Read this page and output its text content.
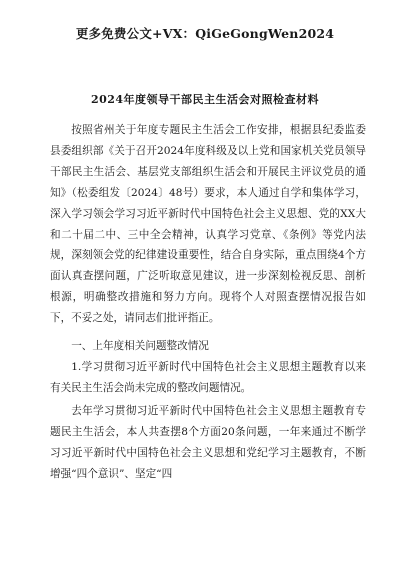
更多免费公文+VX：QiGeGongWen2024
2024年度领导干部民主生活会对照检查材料

按照省州关于年度专题民主生活会工作安排，根据县纪委监委县委组织部《关于召开2024年度科级及以上党和国家机关党员领导干部民主生活会、基层党支部组织生活会和开展民主评议党员的通知》（松委组发〔2024〕48号）要求，本人通过自学和集体学习，深入学习领会学习习近平新时代中国特色社会主义思想、党的XX大和二十届二中、三中全会精神，认真学习党章、《条例》等党内法规，深刻领会党的纪律建设重要性，结合自身实际，重点围绕4个方面认真查摆问题，广泛听取意见建议，进一步深刻检视反思、剖析根源，明确整改措施和努力方向。现将个人对照查摆情况报告如下，不妥之处，请同志们批评指正。

一、上年度相关问题整改情况

1.学习贯彻习近平新时代中国特色社会主义思想主题教育以来有关民主生活会尚未完成的整改问题情况。

去年学习贯彻习近平新时代中国特色社会主义思想主题教育专题民主生活会，本人共查摆8个方面20条问题，一年来通过不断学习习近平新时代中国特色社会主义思想和党纪学习主题教育，不断增强“四个意识”、坚定“四
